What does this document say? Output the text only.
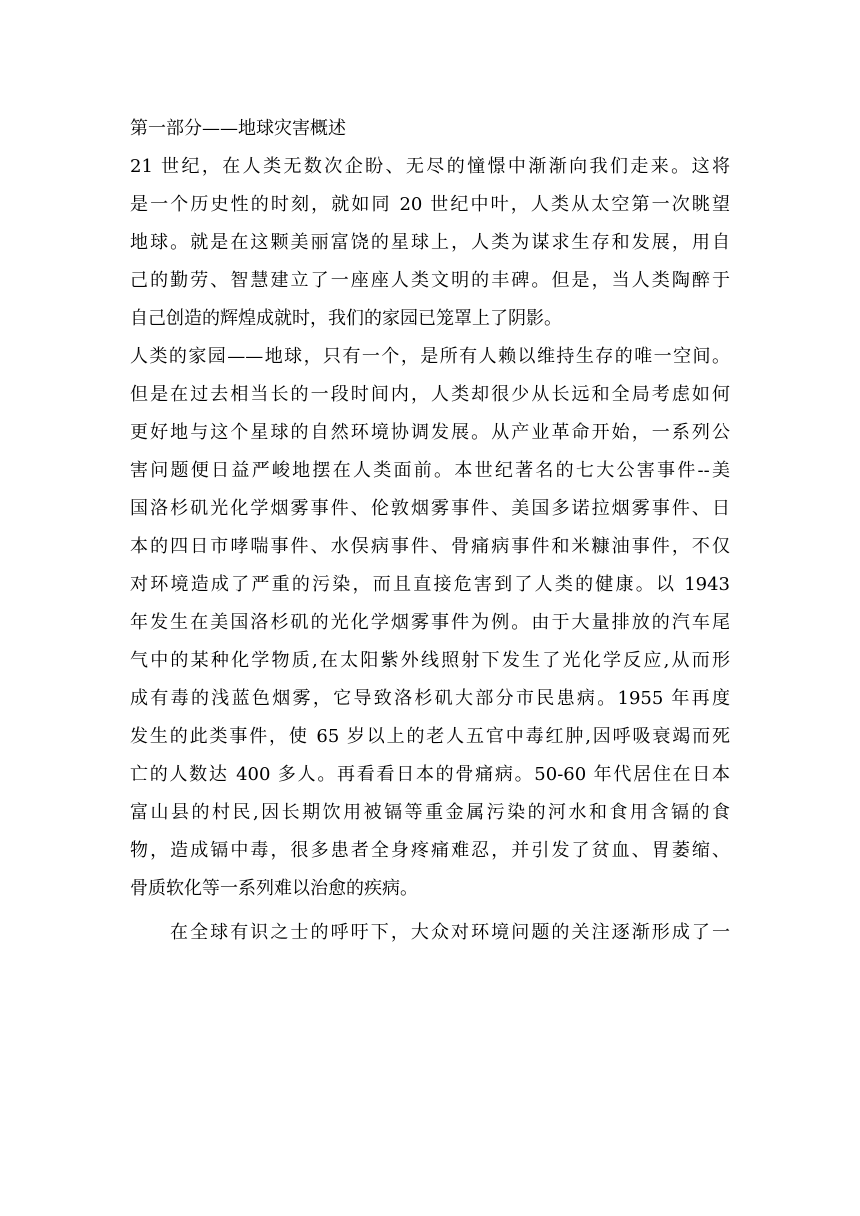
第一部分——地球灾害概述
21 世纪，在人类无数次企盼、无尽的憧憬中渐渐向我们走来。这将
是一个历史性的时刻，就如同 20 世纪中叶，人类从太空第一次眺望
地球。就是在这颗美丽富饶的星球上，人类为谋求生存和发展，用自
己的勤劳、智慧建立了一座座人类文明的丰碑。但是，当人类陶醉于
自己创造的辉煌成就时，我们的家园已笼罩上了阴影。
人类的家园——地球，只有一个，是所有人赖以维持生存的唯一空间。
但是在过去相当长的一段时间内，人类却很少从长远和全局考虑如何
更好地与这个星球的自然环境协调发展。从产业革命开始，一系列公
害问题便日益严峻地摆在人类面前。本世纪著名的七大公害事件--美
国洛杉矶光化学烟雾事件、伦敦烟雾事件、美国多诺拉烟雾事件、日
本的四日市哮喘事件、水俣病事件、骨痛病事件和米糠油事件，不仅
对环境造成了严重的污染，而且直接危害到了人类的健康。以 1943
年发生在美国洛杉矶的光化学烟雾事件为例。由于大量排放的汽车尾
气中的某种化学物质,在太阳紫外线照射下发生了光化学反应,从而形
成有毒的浅蓝色烟雾，它导致洛杉矶大部分市民患病。1955 年再度
发生的此类事件，使 65 岁以上的老人五官中毒红肿,因呼吸衰竭而死
亡的人数达 400 多人。再看看日本的骨痛病。50-60 年代居住在日本
富山县的村民,因长期饮用被镉等重金属污染的河水和食用含镉的食
物，造成镉中毒，很多患者全身疼痛难忍，并引发了贫血、胃萎缩、
骨质软化等一系列难以治愈的疾病。
在全球有识之士的呼吁下，大众对环境问题的关注逐渐形成了一
